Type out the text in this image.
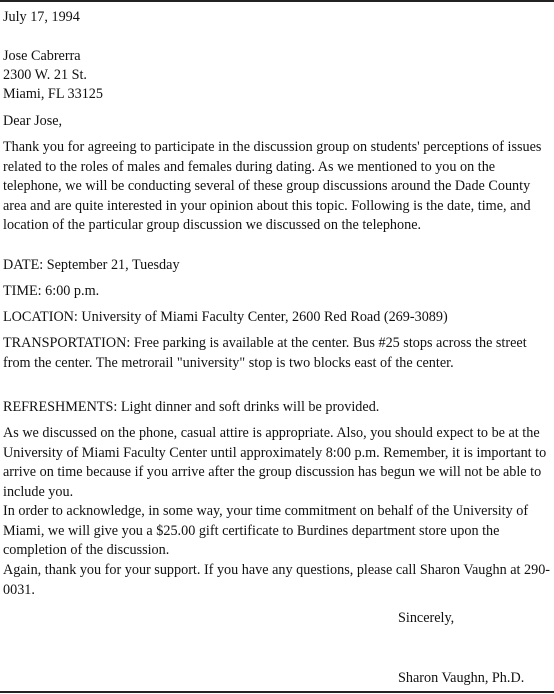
July 17, 1994
Jose Cabrerra
2300 W. 21 St.
Miami, FL 33125
Dear Jose,
Thank you for agreeing to participate in the discussion group on students' perceptions of issues related to the roles of males and females during dating. As we mentioned to you on the telephone, we will be conducting several of these group discussions around the Dade County area and are quite interested in your opinion about this topic. Following is the date, time, and location of the particular group discussion we discussed on the telephone.
DATE: September 21, Tuesday
TIME: 6:00 p.m.
LOCATION: University of Miami Faculty Center, 2600 Red Road (269-3089)
TRANSPORTATION: Free parking is available at the center. Bus #25 stops across the street from the center. The metrorail "university" stop is two blocks east of the center.
REFRESHMENTS: Light dinner and soft drinks will be provided.
As we discussed on the phone, casual attire is appropriate. Also, you should expect to be at the University of Miami Faculty Center until approximately 8:00 p.m. Remember, it is important to arrive on time because if you arrive after the group discussion has begun we will not be able to include you.
In order to acknowledge, in some way, your time commitment on behalf of the University of Miami, we will give you a $25.00 gift certificate to Burdines department store upon the completion of the discussion.
Again, thank you for your support. If you have any questions, please call Sharon Vaughn at 290-0031.
Sincerely,
Sharon Vaughn, Ph.D.
